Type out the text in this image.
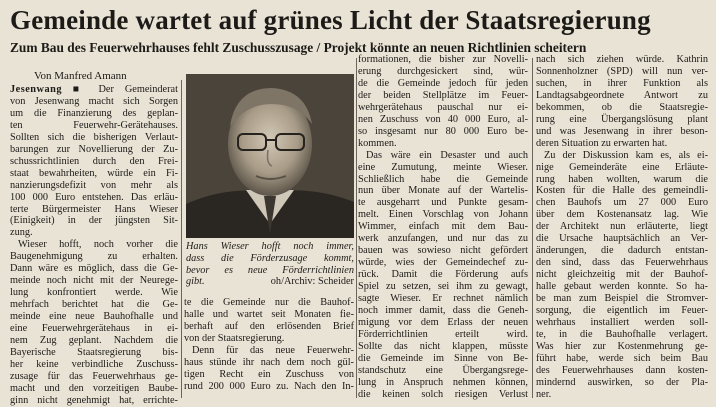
Gemeinde wartet auf grünes Licht der Staatsregierung
Zum Bau des Feuerwehrhauses fehlt Zuschusszusage / Projekt könnte an neuen Richtlinien scheitern
Von Manfred Amann
Jesenwang ■ Der Gemeinderat
von Jesenwang macht sich Sorgen
um die Finanzierung des geplan-
ten Feuerwehr-Gerätehauses.
Sollten sich die bisherigen Verlaut-
barungen zur Novellierung der Zu-
schussrichtlinien durch den Frei-
staat bewahrheiten, würde ein Fi-
nanzierungsdefizit von mehr als
100 000 Euro entstehen. Das erläu-
terte Bürgermeister Hans Wieser
(Einigkeit) in der jüngsten Sit-
zung.
Wieser hofft, noch vorher die
Baugenehmigung zu erhalten.
Dann wäre es möglich, dass die Ge-
meinde noch nicht mit der Neurege-
lung konfrontiert werde. Wie
mehrfach berichtet hat die Ge-
meinde eine neue Bauhofhalle und
eine Feuerwehrgerätehaus in ei-
nem Zug geplant. Nachdem die
Bayerische Staatsregierung bis-
her keine verbindliche Zuschuss-
zusage für das Feuerwehrhaus ge-
macht und den vorzeitigen Baube-
ginn nicht genehmigt hat, errichte-
Hans Wieser hofft noch immer,
dass die Förderzusage kommt,
bevor es neue Förderrichtlinien
gibt.	oh/Archiv: Scheider
te die Gemeinde nur die Bauhof-
halle und wartet seit Monaten fie-
berhaft auf den erlösenden Brief
von der Staatsregierung.
Denn für das neue Feuerwehr-
haus stünde ihr nach dem noch gül-
tigen Recht ein Zuschuss von
rund 200 000 Euro zu. Nach den In-
formationen, die bisher zur Novelli-
erung durchgesickert sind, wür-
de die Gemeinde jedoch für jeden
der beiden Stellplätze im Feuer-
wehrgerätehaus pauschal nur ei-
nen Zuschuss von 40 000 Euro, al-
so insgesamt nur 80 000 Euro be-
kommen.
Das wäre ein Desaster und auch
eine Zumutung, meinte Wieser.
Schließlich habe die Gemeinde
nun über Monate auf der Wartelis-
te ausgeharrt und Punkte gesam-
melt. Einen Vorschlag von Johann
Wimmer, einfach mit dem Bau-
werk anzufangen, und nur das zu
bauen was sowieso nicht gefördert
würde, wies der Gemeindechef zu-
rück. Damit die Förderung aufs
Spiel zu setzen, sei ihm zu gewagt,
sagte Wieser. Er rechnet nämlich
noch immer damit, dass die Geneh-
migung vor dem Erlass der neuen
Förderrichtlinien erteilt wird.
Sollte das nicht klappen, müsste
die Gemeinde im Sinne von Be-
standschutz eine Übergangsrege-
lung in Anspruch nehmen können,
die keinen solch riesigen Verlust
nach sich ziehen würde. Kathrin
Sonnenholzner (SPD) will nun ver-
suchen, in ihrer Funktion als
Landtagsabgeordnete Antwort zu
bekommen, ob die Staatsregie-
rung eine Übergangslösung plant
und was Jesenwang in ihrer beson-
deren Situation zu erwarten hat.
Zu der Diskussion kam es, als ei-
nige Gemeinderäte eine Erläute-
rung haben wollten, warum die
Kosten für die Halle des gemeindli-
chen Bauhofs um 27 000 Euro
über dem Kostenansatz lag. Wie
der Architekt nun erläuterte, liegt
die Ursache hauptsächlich an Ver-
änderungen, die dadurch entstan-
den sind, dass das Feuerwehrhaus
nicht gleichzeitig mit der Bauhof-
halle gebaut werden konnte. So ha-
be man zum Beispiel die Stromver-
sorgung, die eigentlich im Feuer-
wehrhaus installiert werden soll-
te, in die Bauhofhalle verlagert.
Was hier zur Kostenmehrung ge-
führt habe, werde sich beim Bau
des Feuerwehrhauses dann kosten-
mindernd auswirken, so der Pla-
ner.
